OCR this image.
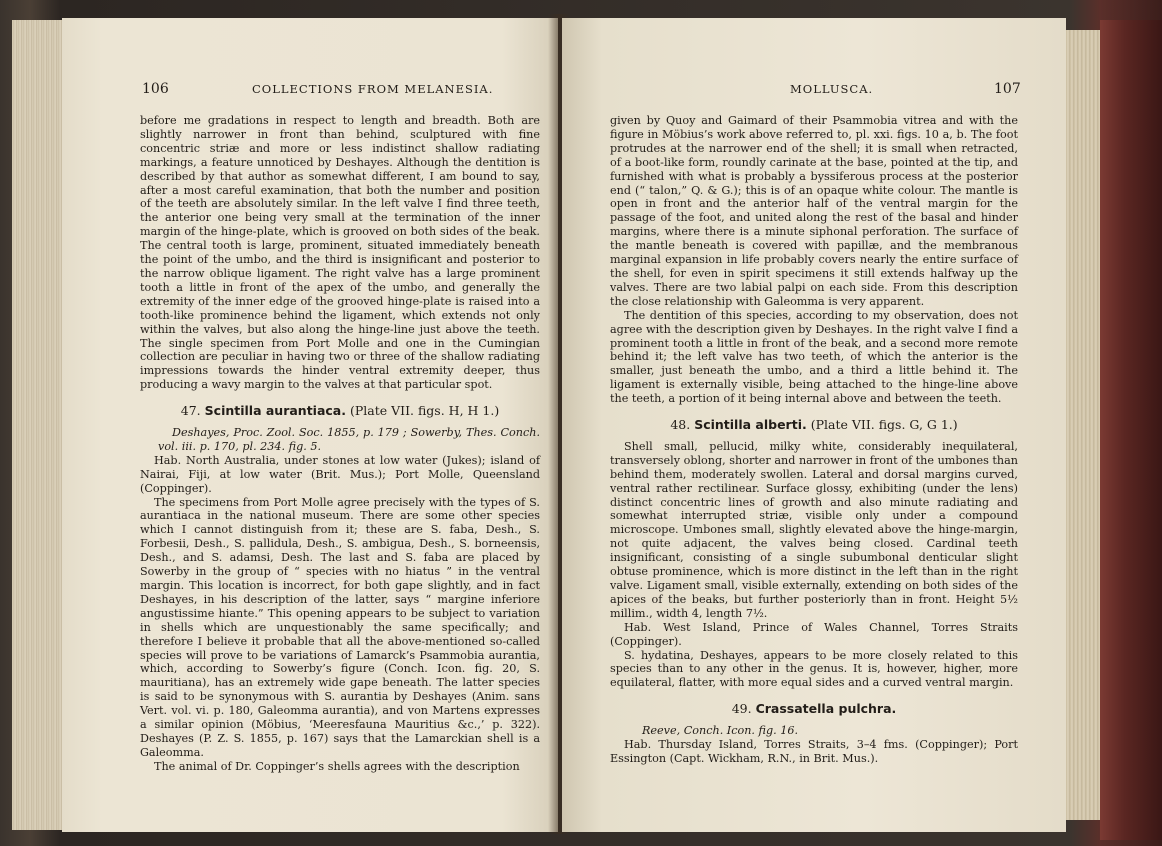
106	COLLECTIONS FROM MELANESIA.

before me gradations in respect to length and breadth. Both are slightly narrower in front than behind, sculptured with fine concentric striæ and more or less indistinct shallow radiating markings, a feature unnoticed by Deshayes. Although the dentition is described by that author as somewhat different, I am bound to say, after a most careful examination, that both the number and position of the teeth are absolutely similar. In the left valve I find three teeth, the anterior one being very small at the termination of the inner margin of the hinge-plate, which is grooved on both sides of the beak. The central tooth is large, prominent, situated immediately beneath the point of the umbo, and the third is insignificant and posterior to the narrow oblique ligament. The right valve has a large prominent tooth a little in front of the apex of the umbo, and generally the extremity of the inner edge of the grooved hinge-plate is raised into a tooth-like prominence behind the ligament, which extends not only within the valves, but also along the hinge-line just above the teeth. The single specimen from Port Molle and one in the Cumingian collection are peculiar in having two or three of the shallow radiating impressions towards the hinder ventral extremity deeper, thus producing a wavy margin to the valves at that particular spot.

47. Scintilla aurantiaca. (Plate VII. figs. H, H 1.)

Deshayes, Proc. Zool. Soc. 1855, p. 179 ; Sowerby, Thes. Conch. vol. iii. p. 170, pl. 234. fig. 5.

Hab. North Australia, under stones at low water (Jukes); island of Nairai, Fiji, at low water (Brit. Mus.); Port Molle, Queensland (Coppinger).

The specimens from Port Molle agree precisely with the types of S. aurantiaca in the national museum. There are some other species which I cannot distinguish from it; these are S. faba, Desh., S. Forbesii, Desh., S. pallidula, Desh., S. ambigua, Desh., S. borneensis, Desh., and S. adamsi, Desh. The last and S. faba are placed by Sowerby in the group of “ species with no hiatus ” in the ventral margin. This location is incorrect, for both gape slightly, and in fact Deshayes, in his description of the latter, says “ margine inferiore angustissime hiante.” This opening appears to be subject to variation in shells which are unquestionably the same specifically; and therefore I believe it probable that all the above-mentioned so-called species will prove to be variations of Lamarck’s Psammobia aurantia, which, according to Sowerby’s figure (Conch. Icon. fig. 20, S. mauritiana), has an extremely wide gape beneath. The latter species is said to be synonymous with S. aurantia by Deshayes (Anim. sans Vert. vol. vi. p. 180, Galeomma aurantia), and von Martens expresses a similar opinion (Möbius, ‘Meeresfauna Mauritius &c.,’ p. 322). Deshayes (P. Z. S. 1855, p. 167) says that the Lamarckian shell is a Galeomma.

The animal of Dr. Coppinger’s shells agrees with the description

MOLLUSCA.	107

given by Quoy and Gaimard of their Psammobia vitrea and with the figure in Möbius’s work above referred to, pl. xxi. figs. 10 a, b. The foot protrudes at the narrower end of the shell; it is small when retracted, of a boot-like form, roundly carinate at the base, pointed at the tip, and furnished with what is probably a byssiferous process at the posterior end (“ talon,” Q. & G.); this is of an opaque white colour. The mantle is open in front and the anterior half of the ventral margin for the passage of the foot, and united along the rest of the basal and hinder margins, where there is a minute siphonal perforation. The surface of the mantle beneath is covered with papillæ, and the membranous marginal expansion in life probably covers nearly the entire surface of the shell, for even in spirit specimens it still extends halfway up the valves. There are two labial palpi on each side. From this description the close relationship with Galeomma is very apparent.

The dentition of this species, according to my observation, does not agree with the description given by Deshayes. In the right valve I find a prominent tooth a little in front of the beak, and a second more remote behind it; the left valve has two teeth, of which the anterior is the smaller, just beneath the umbo, and a third a little behind it. The ligament is externally visible, being attached to the hinge-line above the teeth, a portion of it being internal above and between the teeth.

48. Scintilla alberti. (Plate VII. figs. G, G 1.)

Shell small, pellucid, milky white, considerably inequilateral, transversely oblong, shorter and narrower in front of the umbones than behind them, moderately swollen. Lateral and dorsal margins curved, ventral rather rectilinear. Surface glossy, exhibiting (under the lens) distinct concentric lines of growth and also minute radiating and somewhat interrupted striæ, visible only under a compound microscope. Umbones small, slightly elevated above the hinge-margin, not quite adjacent, the valves being closed. Cardinal teeth insignificant, consisting of a single subumbonal denticular slight obtuse prominence, which is more distinct in the left than in the right valve. Ligament small, visible externally, extending on both sides of the apices of the beaks, but further posteriorly than in front. Height 5½ millim., width 4, length 7½.

Hab. West Island, Prince of Wales Channel, Torres Straits (Coppinger).

S. hydatina, Deshayes, appears to be more closely related to this species than to any other in the genus. It is, however, higher, more equilateral, flatter, with more equal sides and a curved ventral margin.

49. Crassatella pulchra.

Reeve, Conch. Icon. fig. 16.

Hab. Thursday Island, Torres Straits, 3–4 fms. (Coppinger); Port Essington (Capt. Wickham, R.N., in Brit. Mus.).
